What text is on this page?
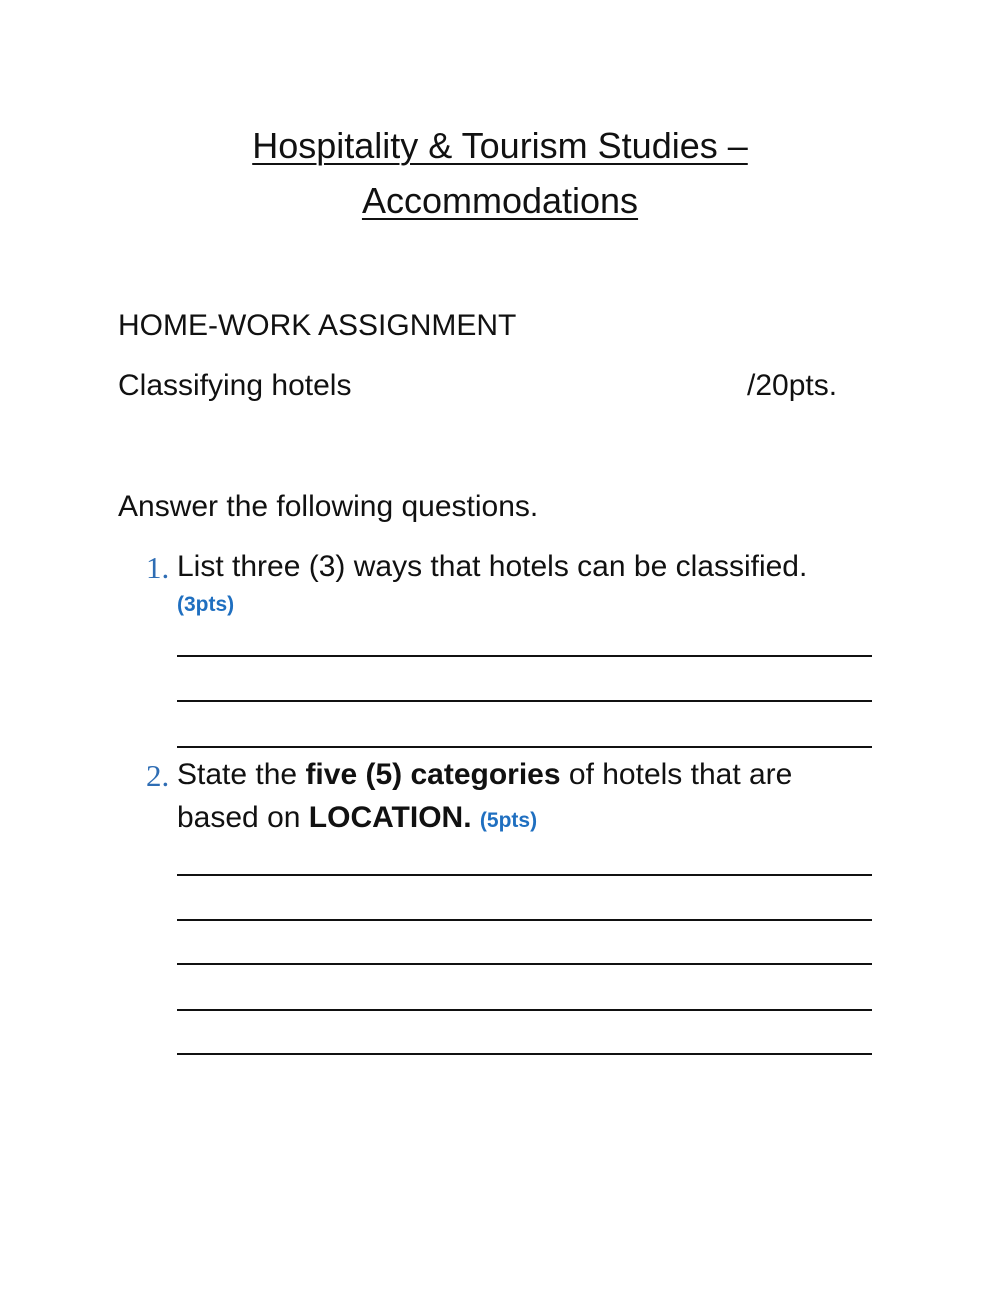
Hospitality & Tourism Studies –
Accommodations
HOME-WORK ASSIGNMENT
Classifying hotels	/20pts.
Answer the following questions.
1. List three (3) ways that hotels can be classified.
(3pts)
2. State the five (5) categories of hotels that are
based on LOCATION. (5pts)
